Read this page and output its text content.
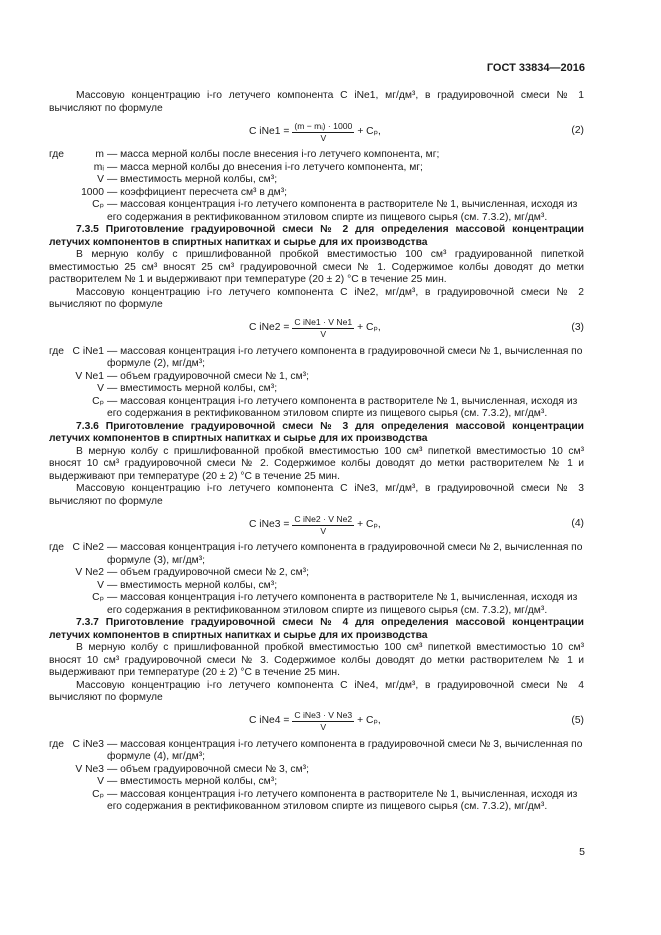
ГОСТ 33834—2016

Массовую концентрацию i-го летучего компонента C iNe1, мг/дм³, в градуировочной смеси № 1 вычисляют по формуле

C $iNe1 = \frac{\text{(m − mᵢ) · 1000}}{V} + C_p$,	(2)
где	m — масса мерной колбы после внесения i-го летучего компонента, мг;
mᵢ — масса мерной колбы до внесения i-го летучего компонента, мг;
V — вместимость мерной колбы, см³;
1000 — коэффициент пересчета см³ в дм³;
Cₚ — массовая концентрация i-го летучего компонента в растворителе № 1, вычисленная, исходя из его содержания в ректификованном этиловом спирте из пищевого сырья (см. 7.3.2), мг/дм³.

7.3.5 Приготовление градуировочной смеси № 2 для определения массовой концентрации летучих компонентов в спиртных напитках и сырье для их производства

В мерную колбу с пришлифованной пробкой вместимостью 100 см³ градуированной пипеткой вместимостью 25 см³ вносят 25 см³ градуировочной смеси № 1. Содержимое колбы доводят до метки растворителем № 1 и выдерживают при температуре (20 ± 2) °С в течение 25 мин.

Массовую концентрацию i-го летучего компонента C iNe2, мг/дм³, в градуировочной смеси № 2 вычисляют по формуле

C $iNe2 = \frac{\text{C iNe1 · V Ne1}}{V} + C_p$,	(3)
где C iNe1 — массовая концентрация i-го летучего компонента в градуировочной смеси № 1, вычисленная по формуле (2), мг/дм³;
V Ne1 — объем градуировочной смеси № 1, см³;
V — вместимость мерной колбы, см³;
Cₚ — массовая концентрация i-го летучего компонента в растворителе № 1, вычисленная, исходя из его содержания в ректификованном этиловом спирте из пищевого сырья (см. 7.3.2), мг/дм³.

7.3.6 Приготовление градуировочной смеси № 3 для определения массовой концентрации летучих компонентов в спиртных напитках и сырье для их производства

В мерную колбу с пришлифованной пробкой вместимостью 100 см³ пипеткой вместимостью 10 см³ вносят 10 см³ градуировочной смеси № 2. Содержимое колбы доводят до метки растворителем № 1 и выдерживают при температуре (20 ± 2) °С в течение 25 мин.

Массовую концентрацию i-го летучего компонента C iNe3, мг/дм³, в градуировочной смеси № 3 вычисляют по формуле

C $iNe3 = \frac{\text{C iNe2 · V Ne2}}{V} + C_p$,	(4)
где C iNe2 — массовая концентрация i-го летучего компонента в градуировочной смеси № 2, вычисленная по формуле (3), мг/дм³;
V Ne2 — объем градуировочной смеси № 2, см³;
V — вместимость мерной колбы, см³;
Cₚ — массовая концентрация i-го летучего компонента в растворителе № 1, вычисленная, исходя из его содержания в ректификованном этиловом спирте из пищевого сырья (см. 7.3.2), мг/дм³.

7.3.7 Приготовление градуировочной смеси № 4 для определения массовой концентрации летучих компонентов в спиртных напитках и сырье для их производства

В мерную колбу с пришлифованной пробкой вместимостью 100 см³ пипеткой вместимостью 10 см³ вносят 10 см³ градуировочной смеси № 3. Содержимое колбы доводят до метки растворителем № 1 и выдерживают при температуре (20 ± 2) °С в течение 25 мин.

Массовую концентрацию i-го летучего компонента C iNe4, мг/дм³, в градуировочной смеси № 4 вычисляют по формуле

C $iNe4 = \frac{\text{C iNe3 · V Ne3}}{V} + C_p$,	(5)
где C iNe3 — массовая концентрация i-го летучего компонента в градуировочной смеси № 3, вычисленная по формуле (4), мг/дм³;
V Ne3 — объем градуировочной смеси № 3, см³;
V — вместимость мерной колбы, см³;
Cₚ — массовая концентрация i-го летучего компонента в растворителе № 1, вычисленная, исходя из его содержания в ректификованном этиловом спирте из пищевого сырья (см. 7.3.2), мг/дм³.
5
